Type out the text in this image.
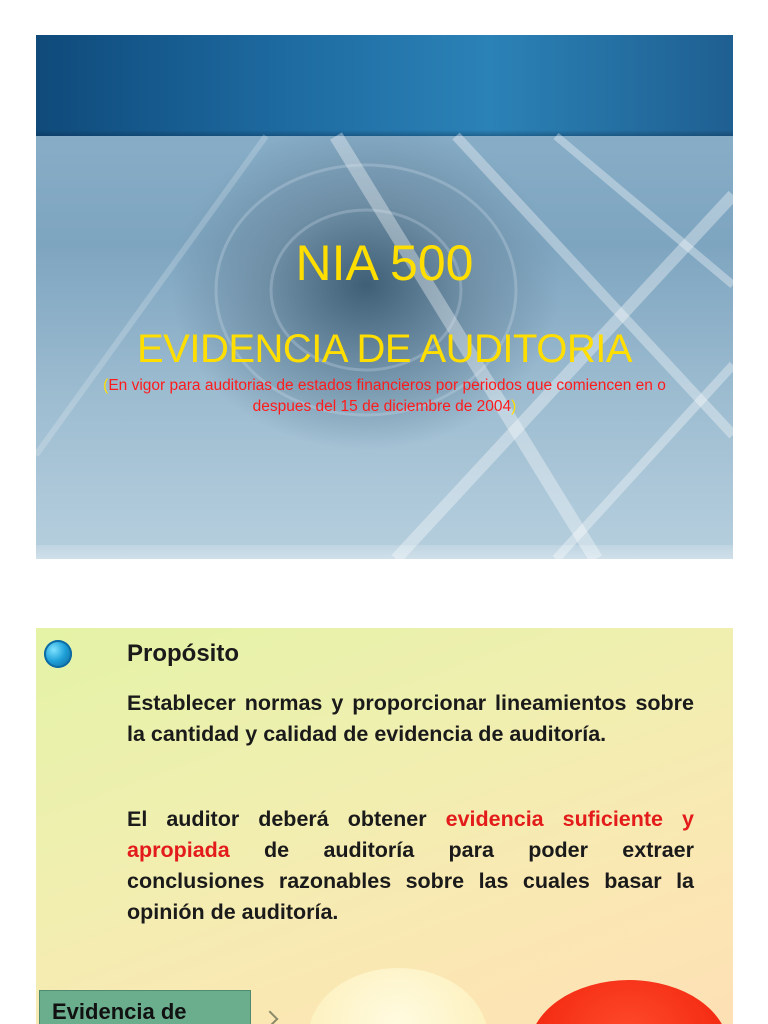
NIA 500
EVIDENCIA DE AUDITORIA
(En vigor para auditorias de estados financieros por periodos que comiencen en o despues del 15 de diciembre de 2004)
Propósito
Establecer normas y proporcionar lineamientos sobre la cantidad y calidad de evidencia de auditoría.
El auditor deberá obtener evidencia suficiente y apropiada de auditoría para poder extraer conclusiones razonables sobre las cuales basar la opinión de auditoría.
Evidencia de
